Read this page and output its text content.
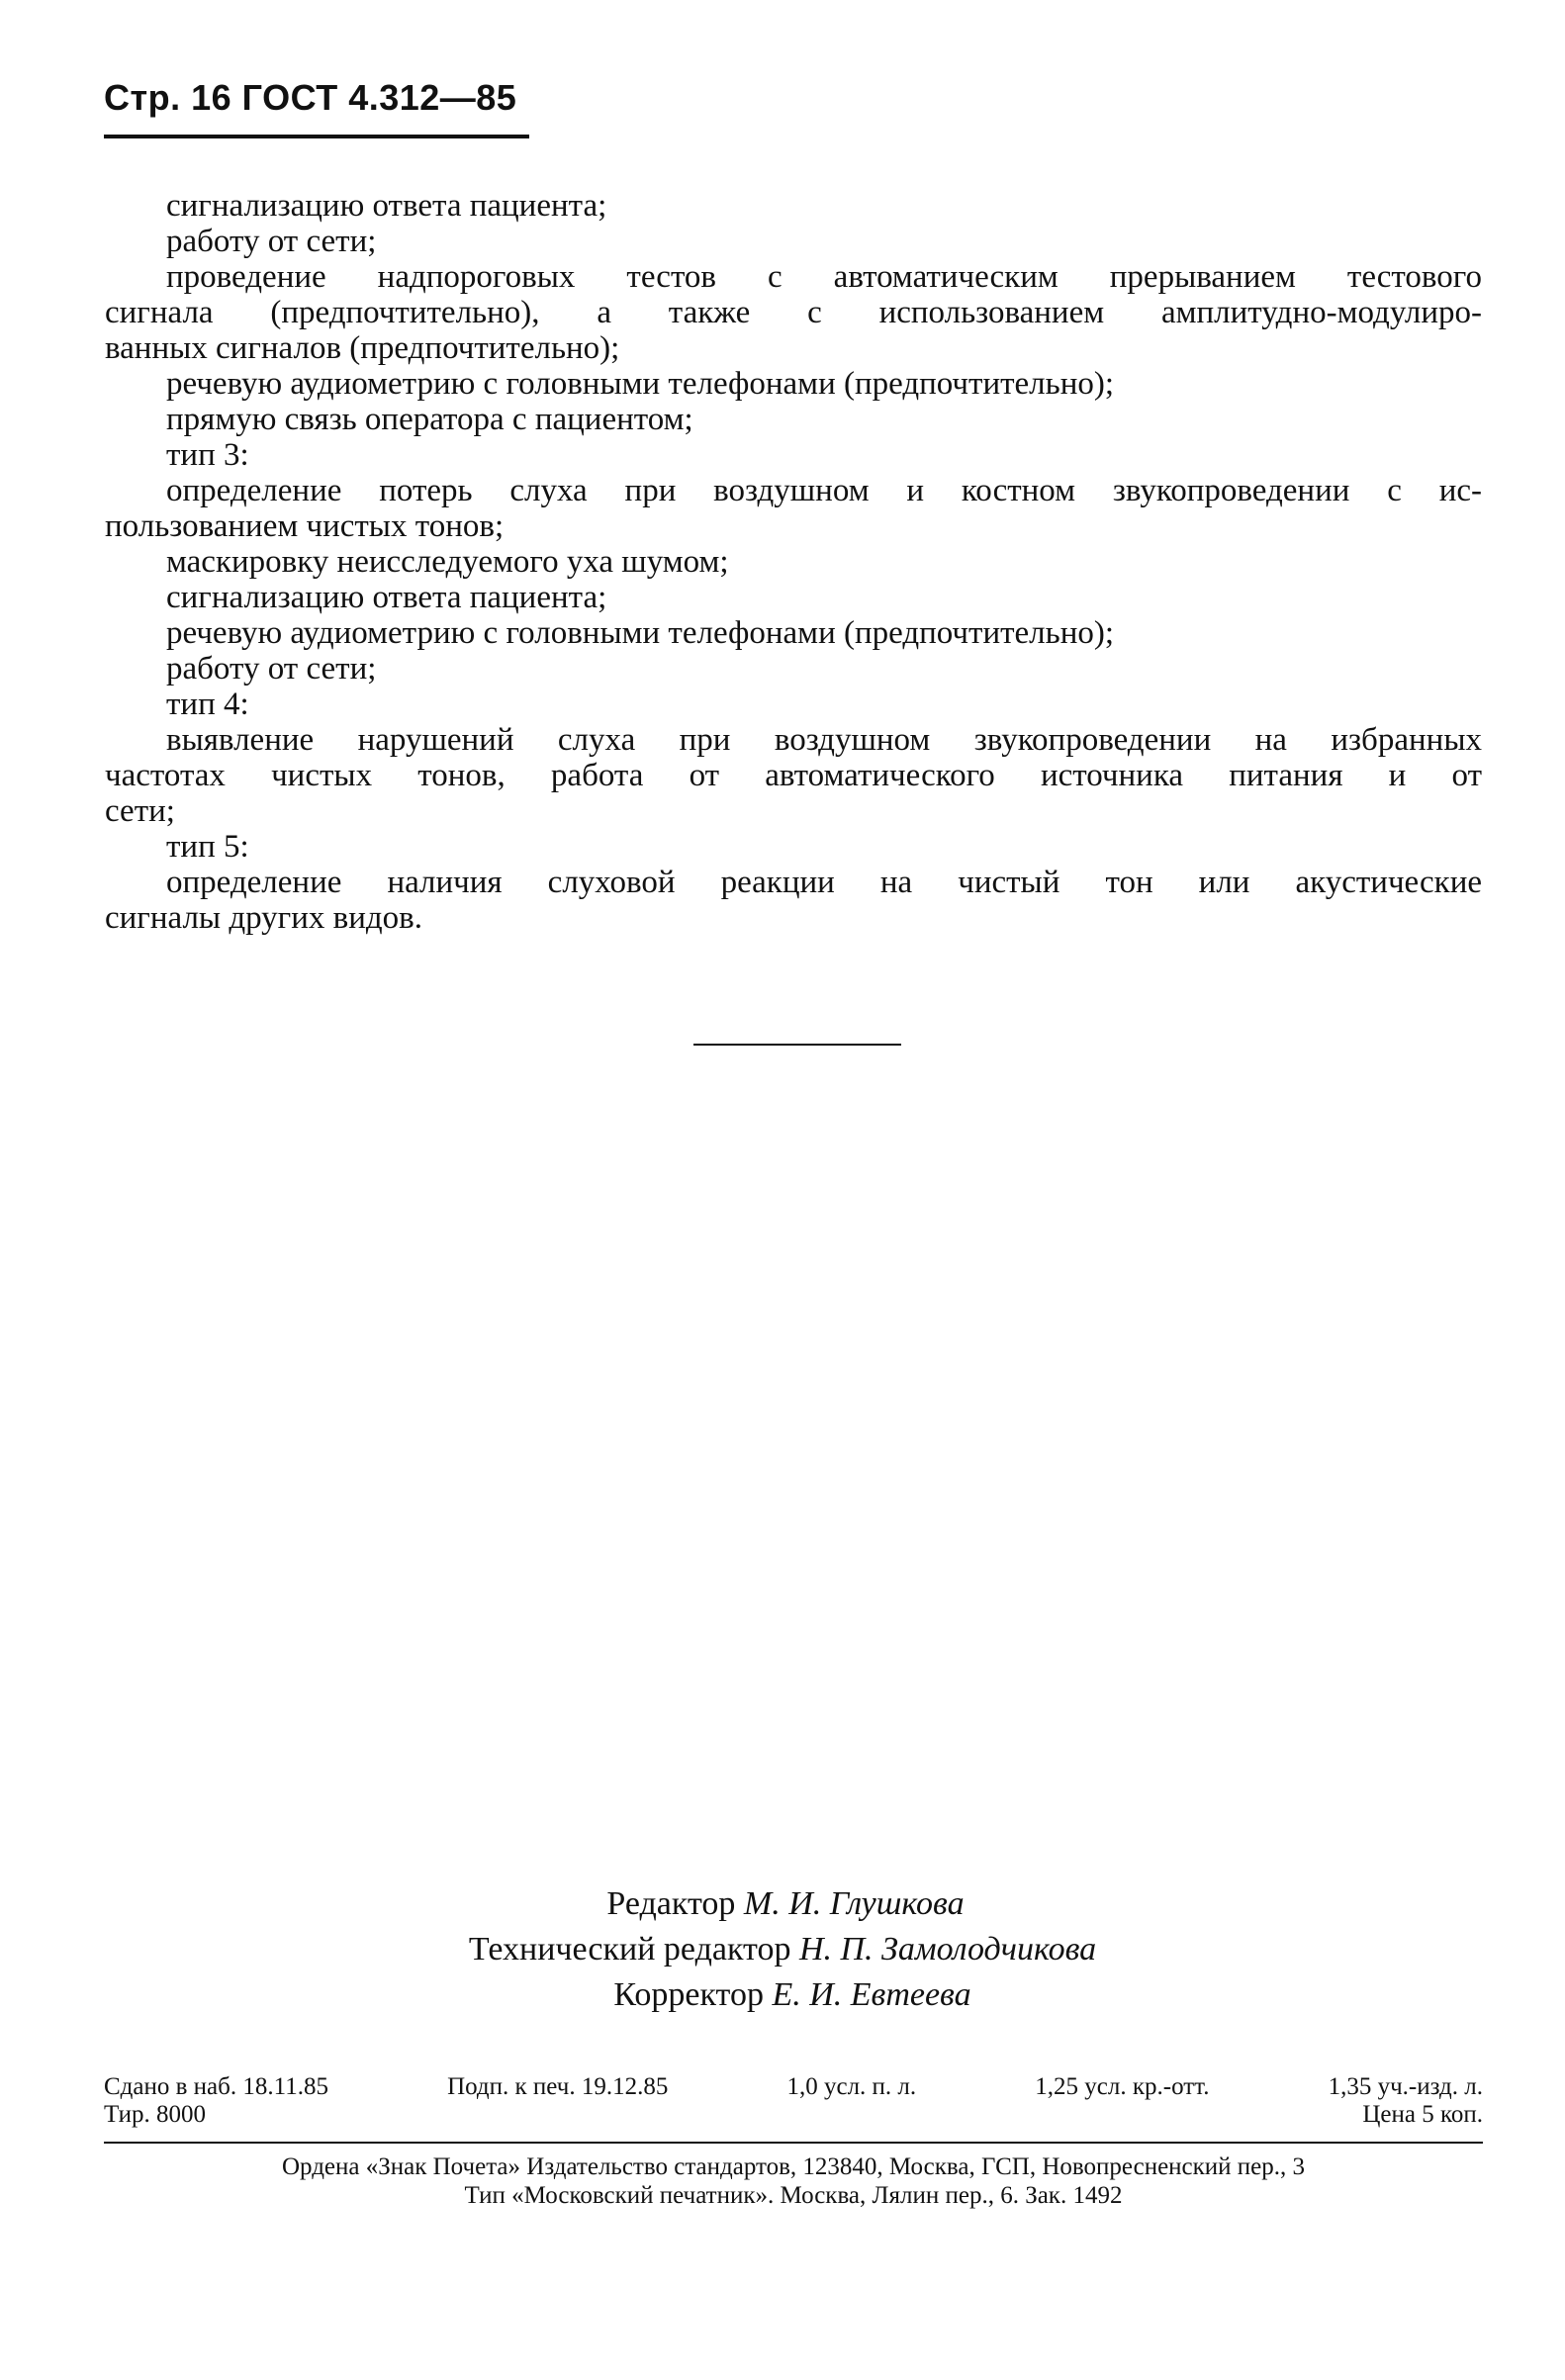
Стр. 16 ГОСТ 4.312—85
сигнализацию ответа пациента;
работу от сети;
проведение надпороговых тестов с автоматическим прерыванием тестового
сигнала (предпочтительно), а также с использованием амплитудно-модулиро-
ванных сигналов (предпочтительно);
речевую аудиометрию с головными телефонами (предпочтительно);
прямую связь оператора с пациентом;
тип 3:
определение потерь слуха при воздушном и костном звукопроведении с ис-
пользованием чистых тонов;
маскировку неисследуемого уха шумом;
сигнализацию ответа пациента;
речевую аудиометрию с головными телефонами (предпочтительно);
работу от сети;
тип 4:
выявление нарушений слуха при воздушном звукопроведении на избранных
частотах чистых тонов, работа от автоматического источника питания и от
сети;
тип 5:
определение наличия слуховой реакции на чистый тон или акустические
сигналы других видов.
Редактор М. И. Глушкова
Технический редактор Н. П. Замолодчикова
Корректор Е. И. Евтеева
Сдано в наб. 18.11.85	Подп. к печ. 19.12.85	1,0 усл. п. л.	1,25 усл. кр.-отт.	1,35 уч.-изд. л.
Тир. 8000	Цена 5 коп.
Ордена «Знак Почета» Издательство стандартов, 123840, Москва, ГСП, Новопресненский пер., 3
Тип «Московский печатник». Москва, Лялин пер., 6. Зак. 1492
